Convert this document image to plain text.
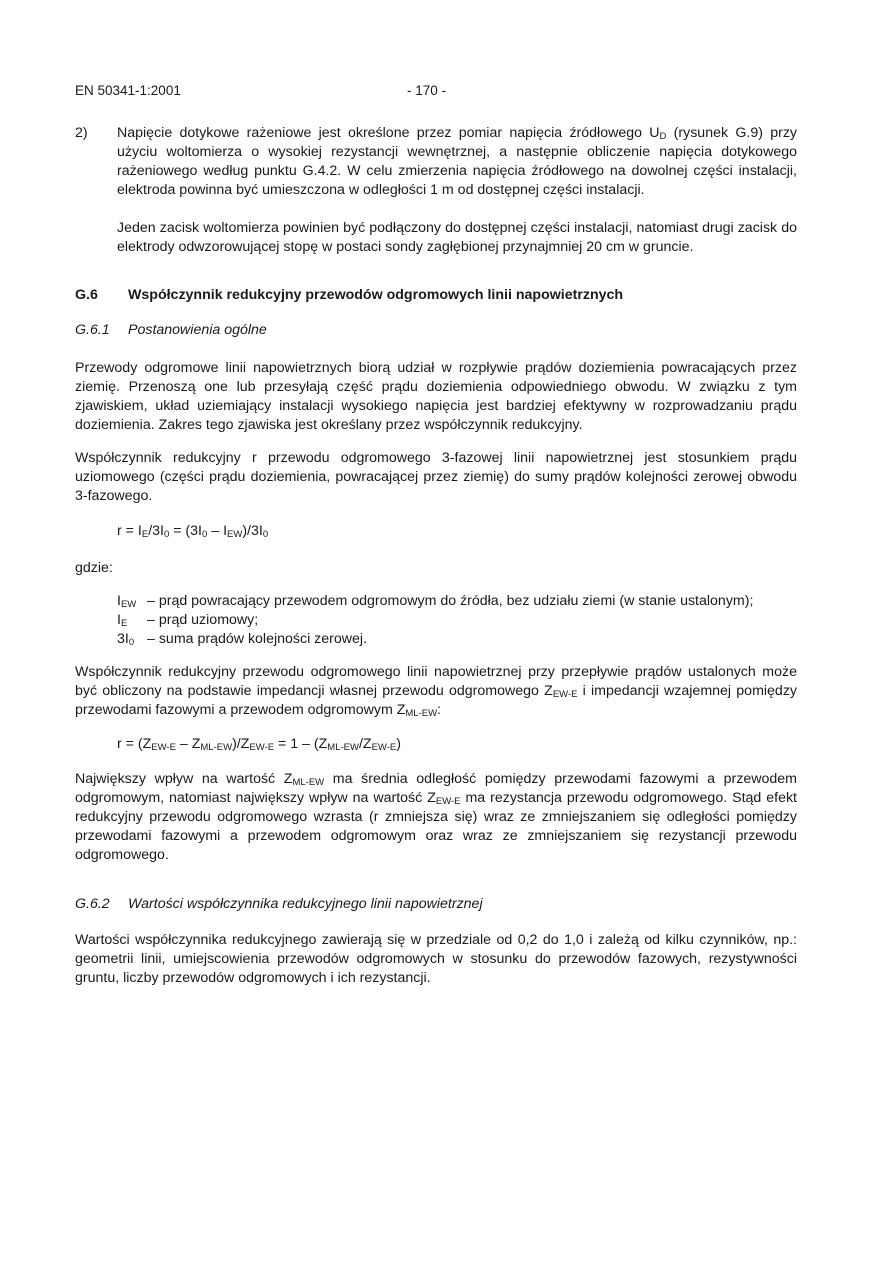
EN 50341-1:2001	- 170 -
2) Napięcie dotykowe rażeniowe jest określone przez pomiar napięcia źródłowego $U_D$ (rysunek G.9) przy użyciu woltomierza o wysokiej rezystancji wewnętrznej, a następnie obliczenie napięcia dotykowego rażeniowego według punktu G.4.2. W celu zmierzenia napięcia źródłowego na dowolnej części instalacji, elektroda powinna być umieszczona w odległości 1 m od dostępnej części instalacji.

Jeden zacisk woltomierza powinien być podłączony do dostępnej części instalacji, natomiast drugi zacisk do elektrody odwzorowującej stopę w postaci sondy zagłębionej przynajmniej 20 cm w gruncie.

G.6 Współczynnik redukcyjny przewodów odgromowych linii napowietrznych
G.6.1 Postanowienia ogólne

Przewody odgromowe linii napowietrznych biorą udział w rozpływie prądów doziemienia powracających przez ziemię. Przenoszą one lub przesyłają część prądu doziemienia odpowiedniego obwodu. W związku z tym zjawiskiem, układ uziemiający instalacji wysokiego napięcia jest bardziej efektywny w rozprowadzaniu prądu doziemienia. Zakres tego zjawiska jest określany przez współczynnik redukcyjny.

Współczynnik redukcyjny r przewodu odgromowego 3-fazowej linii napowietrznej jest stosunkiem prądu uziomowego (części prądu doziemienia, powracającej przez ziemię) do sumy prądów kolejności zerowej obwodu 3-fazowego.

$r = I_E/3I_0 = (3I_0 - I_{EW})/3I_0$
gdzie:
$I_{EW}$ – prąd powracający przewodem odgromowym do źródła, bez udziału ziemi (w stanie ustalonym);
$I_E$ – prąd uziomowy;
$3I_0$ – suma prądów kolejności zerowej.

Współczynnik redukcyjny przewodu odgromowego linii napowietrznej przy przepływie prądów ustalonych może być obliczony na podstawie impedancji własnej przewodu odgromowego $Z_{EW-E}$ i impedancji wzajemnej pomiędzy przewodami fazowymi a przewodem odgromowym $Z_{ML-EW}$:

$r = (Z_{EW-E} - Z_{ML-EW})/Z_{EW-E} = 1 - (Z_{ML-EW}/Z_{EW-E})$

Największy wpływ na wartość $Z_{ML-EW}$ ma średnia odległość pomiędzy przewodami fazowymi a przewodem odgromowym, natomiast największy wpływ na wartość $Z_{EW-E}$ ma rezystancja przewodu odgromowego. Stąd efekt redukcyjny przewodu odgromowego wzrasta (r zmniejsza się) wraz ze zmniejszaniem się odległości pomiędzy przewodami fazowymi a przewodem odgromowym oraz wraz ze zmniejszaniem się rezystancji przewodu odgromowego.

G.6.2 Wartości współczynnika redukcyjnego linii napowietrznej

Wartości współczynnika redukcyjnego zawierają się w przedziale od 0,2 do 1,0 i zależą od kilku czynników, np.: geometrii linii, umiejscowienia przewodów odgromowych w stosunku do przewodów fazowych, rezystywności gruntu, liczby przewodów odgromowych i ich rezystancji.
